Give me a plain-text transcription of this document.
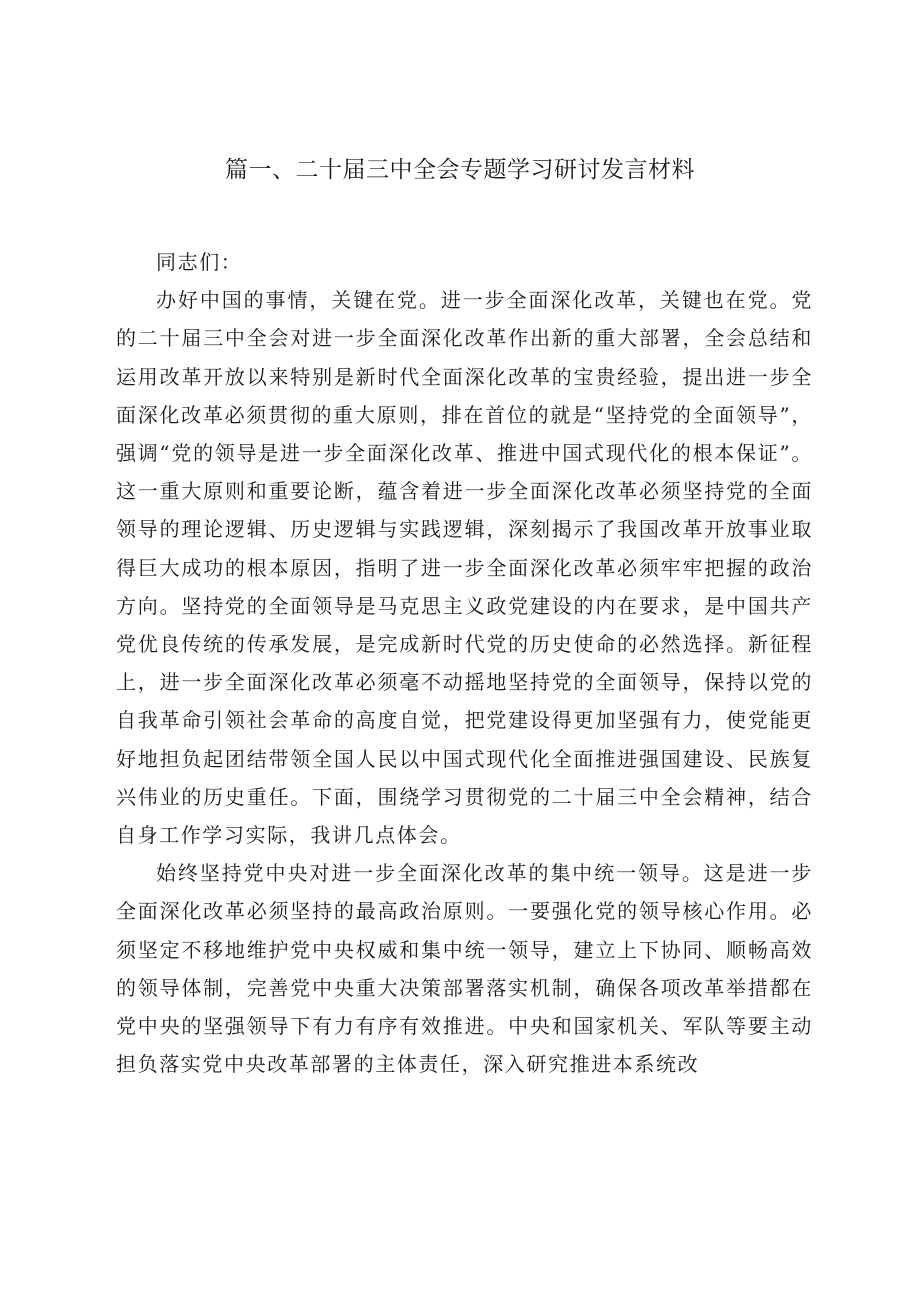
篇一、二十届三中全会专题学习研讨发言材料

同志们：

办好中国的事情，关键在党。进一步全面深化改革，关键也在党。党的二十届三中全会对进一步全面深化改革作出新的重大部署，全会总结和运用改革开放以来特别是新时代全面深化改革的宝贵经验，提出进一步全面深化改革必须贯彻的重大原则，排在首位的就是“坚持党的全面领导”，强调“党的领导是进一步全面深化改革、推进中国式现代化的根本保证”。这一重大原则和重要论断，蕴含着进一步全面深化改革必须坚持党的全面领导的理论逻辑、历史逻辑与实践逻辑，深刻揭示了我国改革开放事业取得巨大成功的根本原因，指明了进一步全面深化改革必须牢牢把握的政治方向。坚持党的全面领导是马克思主义政党建设的内在要求，是中国共产党优良传统的传承发展，是完成新时代党的历史使命的必然选择。新征程上，进一步全面深化改革必须毫不动摇地坚持党的全面领导，保持以党的自我革命引领社会革命的高度自觉，把党建设得更加坚强有力，使党能更好地担负起团结带领全国人民以中国式现代化全面推进强国建设、民族复兴伟业的历史重任。下面，围绕学习贯彻党的二十届三中全会精神，结合自身工作学习实际，我讲几点体会。

始终坚持党中央对进一步全面深化改革的集中统一领导。这是进一步全面深化改革必须坚持的最高政治原则。一要强化党的领导核心作用。必须坚定不移地维护党中央权威和集中统一领导，建立上下协同、顺畅高效的领导体制，完善党中央重大决策部署落实机制，确保各项改革举措都在党中央的坚强领导下有力有序有效推进。中央和国家机关、军队等要主动担负落实党中央改革部署的主体责任，深入研究推进本系统改
